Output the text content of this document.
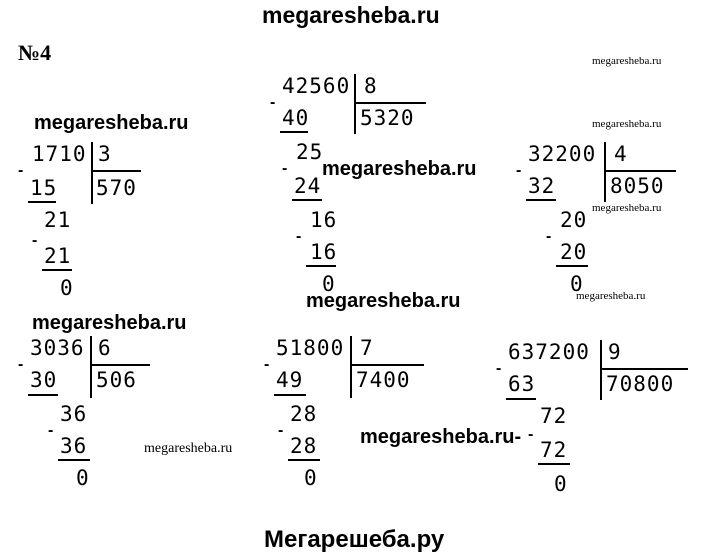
megaresheba.ru
№4	megaresheba.ru
megaresheba.ru	megaresheba.ru
megaresheba.ru
megaresheba.ru
megaresheba.ru
megaresheba.ru
megaresheba.ru
megaresheba.ru
megaresheba.ru-
42560 8
5320
-
40
25
-
24
16
-
16
0
1710 3
570
-
15
21
-
21
0
32200 4
8050
-
32
20
-
20
0
3036 6
506
-
30
36
-
36
0
51800 7
7400
-
49
28
-
28
0
637200 9
70800
-
63
72
-
72
0
Мегарешеба.ру
